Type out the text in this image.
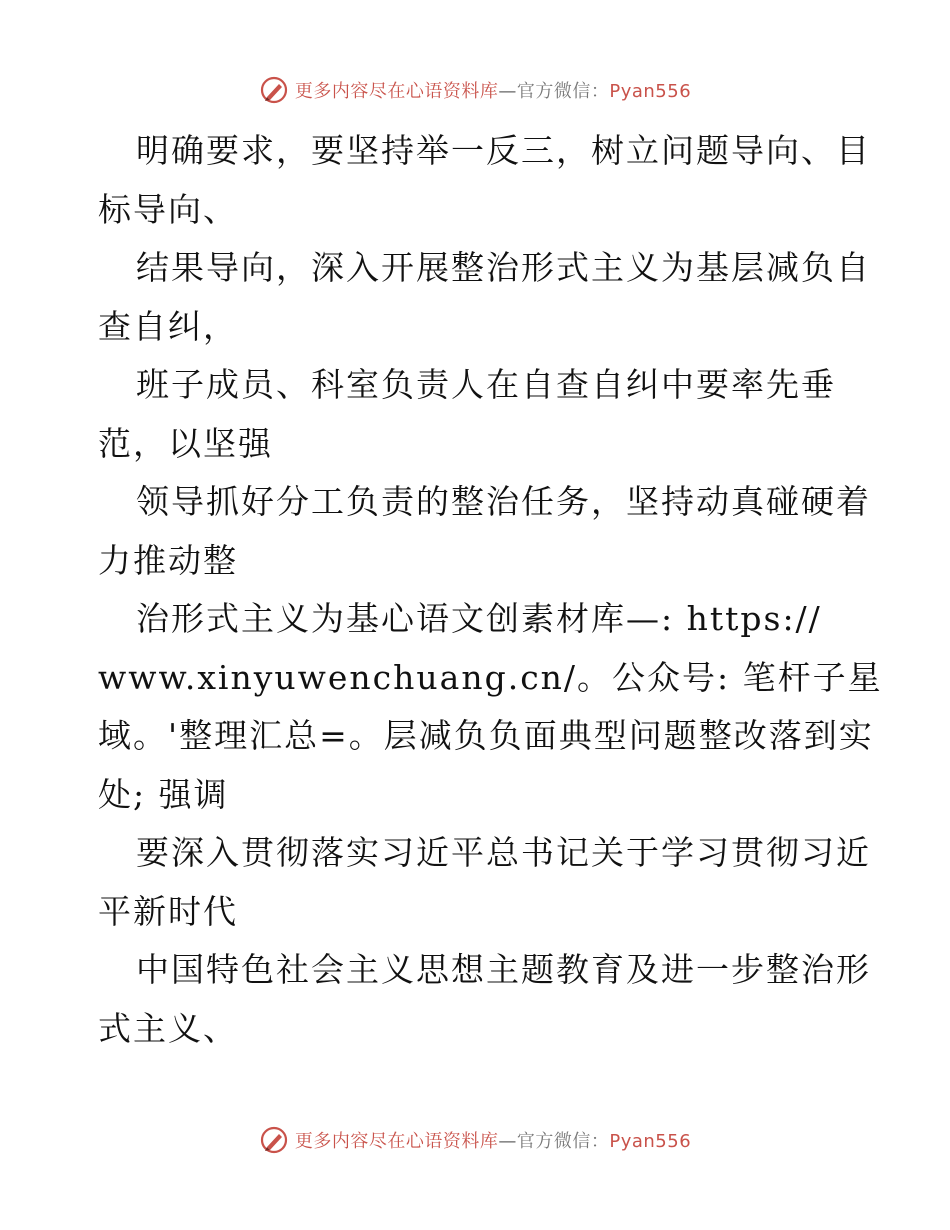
更多内容尽在心语资料库—官方微信：Pyan556
明确要求，要坚持举一反三，树立问题导向、目
标导向、
结果导向，深入开展整治形式主义为基层减负自
查自纠，
班子成员、科室负责人在自查自纠中要率先垂
范，以坚强
领导抓好分工负责的整治任务，坚持动真碰硬着
力推动整
治形式主义为基心语文创素材库—: https://
www.xinyuwenchuang.cn/。公众号: 笔杆子星
域。'整理汇总=。层减负负面典型问题整改落到实
处; 强调
要深入贯彻落实习近平总书记关于学习贯彻习近
平新时代
中国特色社会主义思想主题教育及进一步整治形
式主义、
更多内容尽在心语资料库—官方微信：Pyan556
